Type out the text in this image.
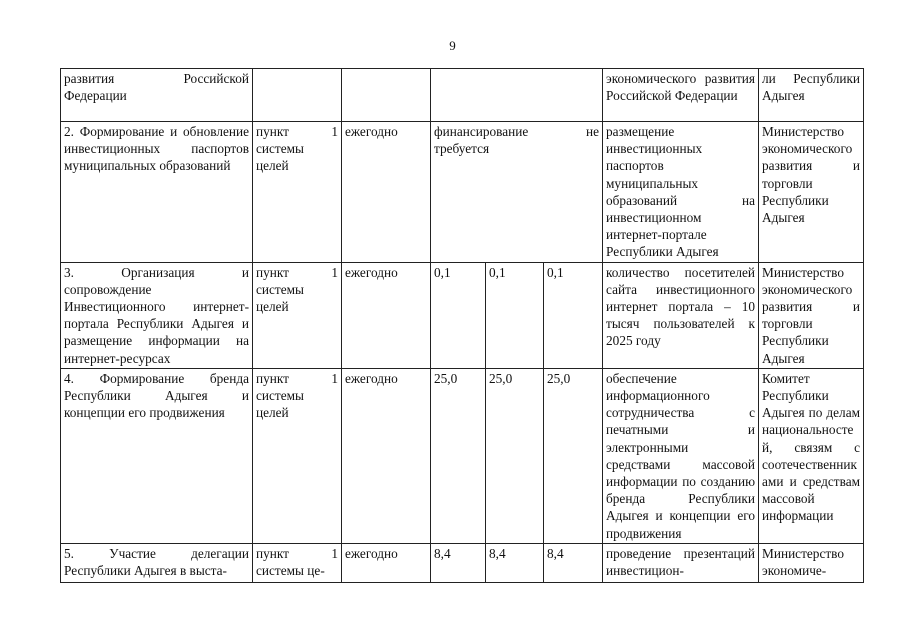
9
развития Российской Федерации						экономического развития Российской Федерации	ли Республики Адыгея
2. Формирование и обновление инвестиционных паспортов муниципальных образований	пункт 1 системы целей	ежегодно	финансирование не требуется			размещение инвестиционных паспортов муниципальных образований на инвестиционном интернет-портале Республики Адыгея	Министерство экономического развития и торговли Республики Адыгея
3. Организация и сопровождение Инвестиционного интернет-портала Республики Адыгея и размещение информации на интернет-ресурсах	пункт 1 системы целей	ежегодно	0,1	0,1	0,1	количество посетителей сайта инвестиционного интернет портала – 10 тысяч пользователей к 2025 году	Министерство экономического развития и торговли Республики Адыгея
4. Формирование бренда Республики Адыгея и концепции его продвижения	пункт 1 системы целей	ежегодно	25,0	25,0	25,0	обеспечение информационного сотрудничества с печатными и электронными средствами массовой информации по созданию бренда Республики Адыгея и концепции его продвижения	Комитет Республики Адыгея по делам национальностей, связям с соотечественниками и средствам массовой информации
5. Участие делегации Республики Адыгея в выста-	пункт 1 системы це-	ежегодно	8,4	8,4	8,4	проведение презентаций инвестицион-	Министерство экономиче-
